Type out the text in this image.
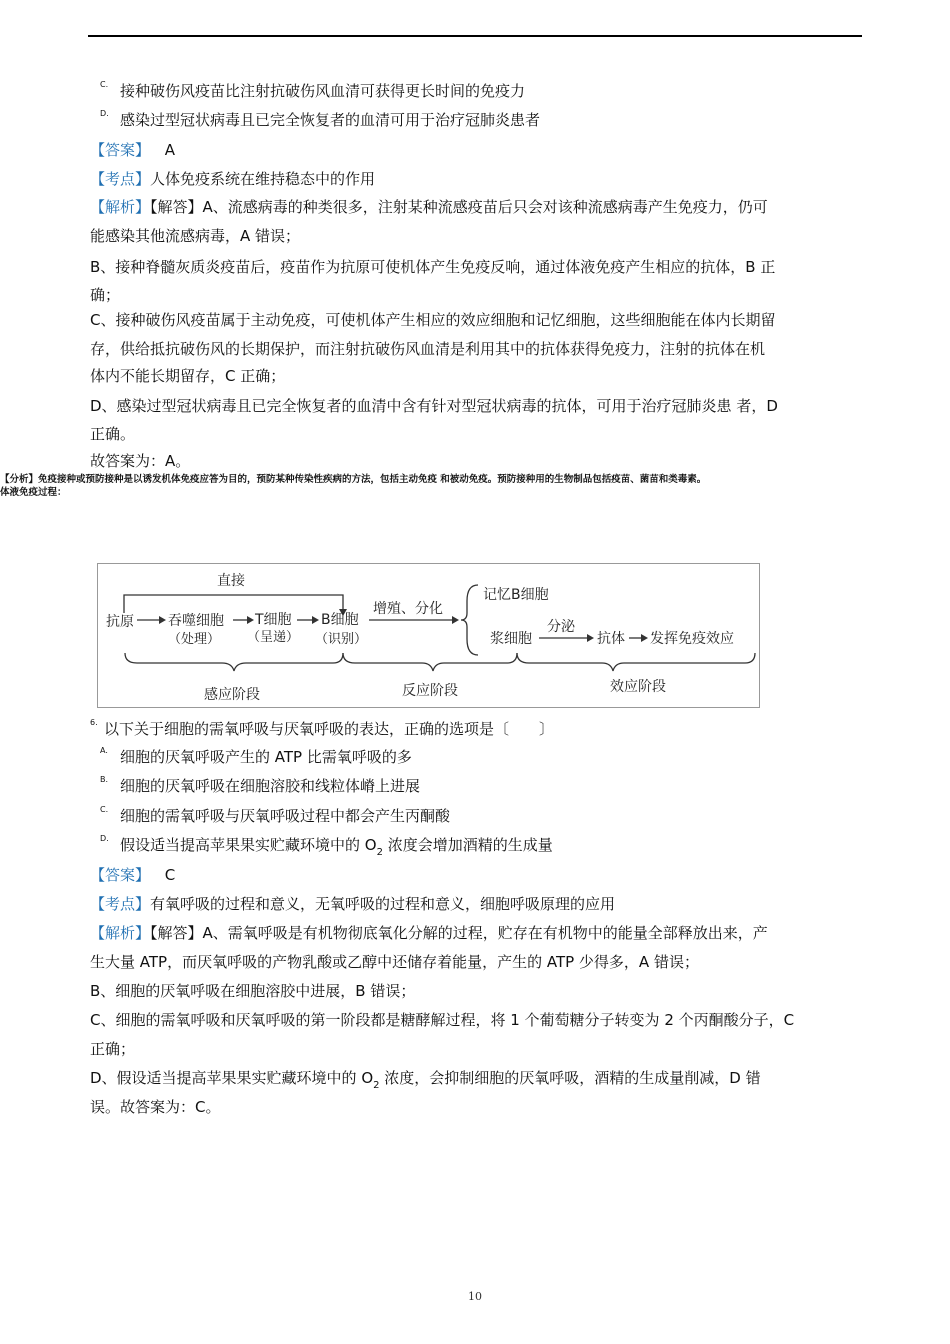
C. 接种破伤风疫苗比注射抗破伤风血清可获得更长时间的免疫力
D. 感染过型冠状病毒且已完全恢复者的血清可用于治疗冠肺炎患者
【答案】 A
【考点】人体免疫系统在维持稳态中的作用
【解析】【解答】A、流感病毒的种类很多，注射某种流感疫苗后只会对该种流感病毒产生免疫力，仍可
能感染其他流感病毒，A 错误；
B、接种脊髓灰质炎疫苗后，疫苗作为抗原可使机体产生免疫反响，通过体液免疫产生相应的抗体，B 正
确；
C、接种破伤风疫苗属于主动免疫，可使机体产生相应的效应细胞和记忆细胞，这些细胞能在体内长期留
存，供给抵抗破伤风的长期保护，而注射抗破伤风血清是利用其中的抗体获得免疫力，注射的抗体在机
体内不能长期留存，C 正确；
D、感染过型冠状病毒且已完全恢复者的血清中含有针对型冠状病毒的抗体，可用于治疗冠肺炎患 者，D
正确。
故答案为：A。
【分析】免疫接种或预防接种是以诱发机体免疫应答为目的，预防某种传染性疾病的方法，包括主动免疫 和被动免疫。预防接种用的生物制品包括疫苗、菌苗和类毒素。
体液免疫过程：
直接
抗原 吞噬细胞
（处理）
T细胞
（呈递）
B细胞
（识别）
增殖、分化
记忆B细胞
浆细胞
分泌
抗体 发挥免疫效应
感应阶段	反应阶段	效应阶段
6. 以下关于细胞的需氧呼吸与厌氧呼吸的表达，正确的选项是〔　　〕
A. 细胞的厌氧呼吸产生的 ATP 比需氧呼吸的多
B. 细胞的厌氧呼吸在细胞溶胶和线粒体嵴上进展
C. 细胞的需氧呼吸与厌氧呼吸过程中都会产生丙酮酸
D. 假设适当提高苹果果实贮藏环境中的 $O_2$ 浓度会增加酒精的生成量
【答案】 C
【考点】有氧呼吸的过程和意义，无氧呼吸的过程和意义，细胞呼吸原理的应用
【解析】【解答】A、需氧呼吸是有机物彻底氧化分解的过程，贮存在有机物中的能量全部释放出来，产
生大量 ATP，而厌氧呼吸的产物乳酸或乙醇中还储存着能量，产生的 ATP 少得多，A 错误；
B、细胞的厌氧呼吸在细胞溶胶中进展，B 错误；
C、细胞的需氧呼吸和厌氧呼吸的第一阶段都是糖酵解过程，将 1 个葡萄糖分子转变为 2 个丙酮酸分子，C
正确；
D、假设适当提高苹果果实贮藏环境中的 $O_2$ 浓度，会抑制细胞的厌氧呼吸，酒精的生成量削减，D 错
误。故答案为：C。
10
